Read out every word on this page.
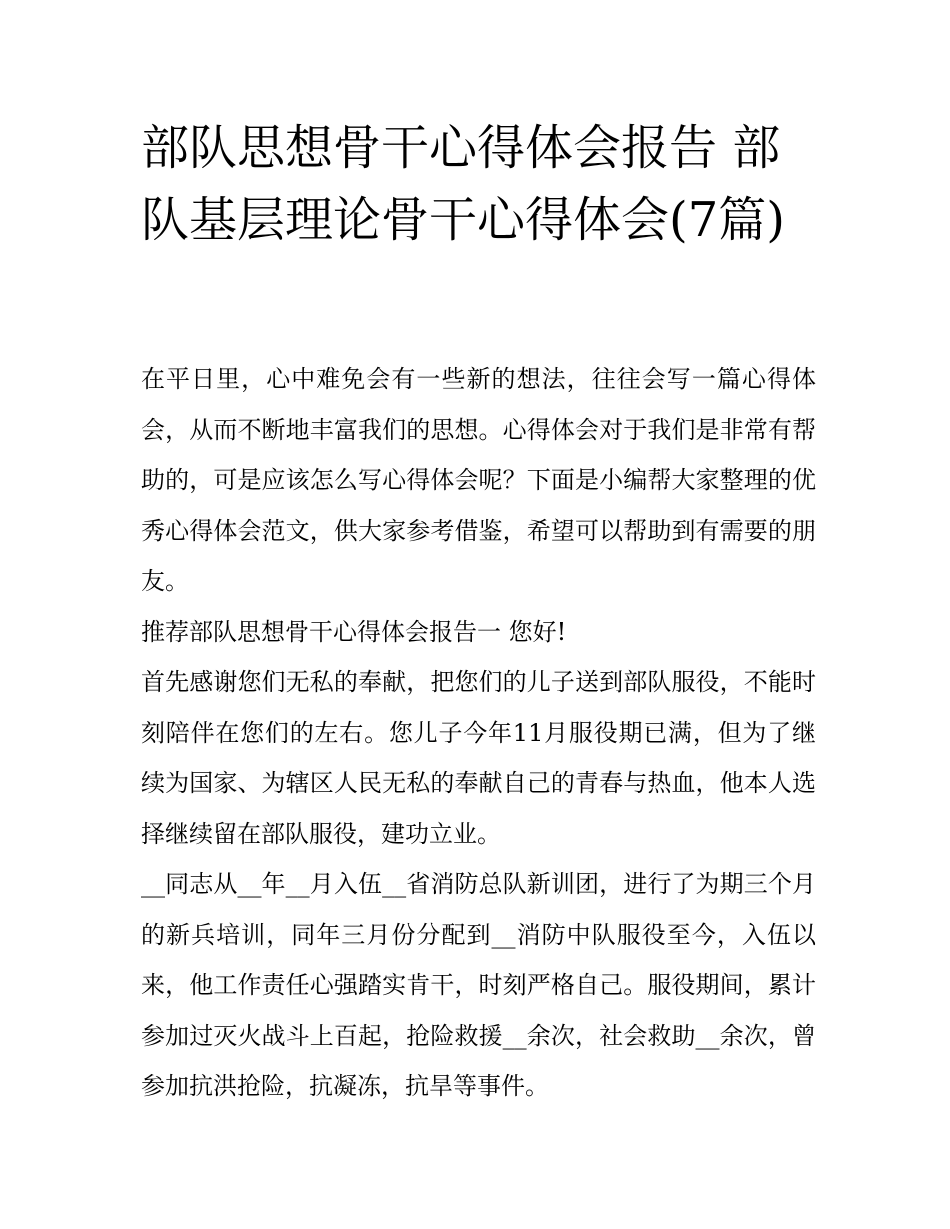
部队思想骨干心得体会报告 部队基层理论骨干心得体会(7篇)

在平日里，心中难免会有一些新的想法，往往会写一篇心得体会，从而不断地丰富我们的思想。心得体会对于我们是非常有帮助的，可是应该怎么写心得体会呢？下面是小编帮大家整理的优秀心得体会范文，供大家参考借鉴，希望可以帮助到有需要的朋友。

推荐部队思想骨干心得体会报告一 您好!

首先感谢您们无私的奉献，把您们的儿子送到部队服役，不能时刻陪伴在您们的左右。您儿子今年11月服役期已满，但为了继续为国家、为辖区人民无私的奉献自己的青春与热血，他本人选择继续留在部队服役，建功立业。

__同志从__年__月入伍__省消防总队新训团，进行了为期三个月的新兵培训，同年三月份分配到__消防中队服役至今，入伍以来，他工作责任心强踏实肯干，时刻严格自己。服役期间，累计参加过灭火战斗上百起，抢险救援__余次，社会救助__余次，曾参加抗洪抢险，抗凝冻，抗旱等事件。
